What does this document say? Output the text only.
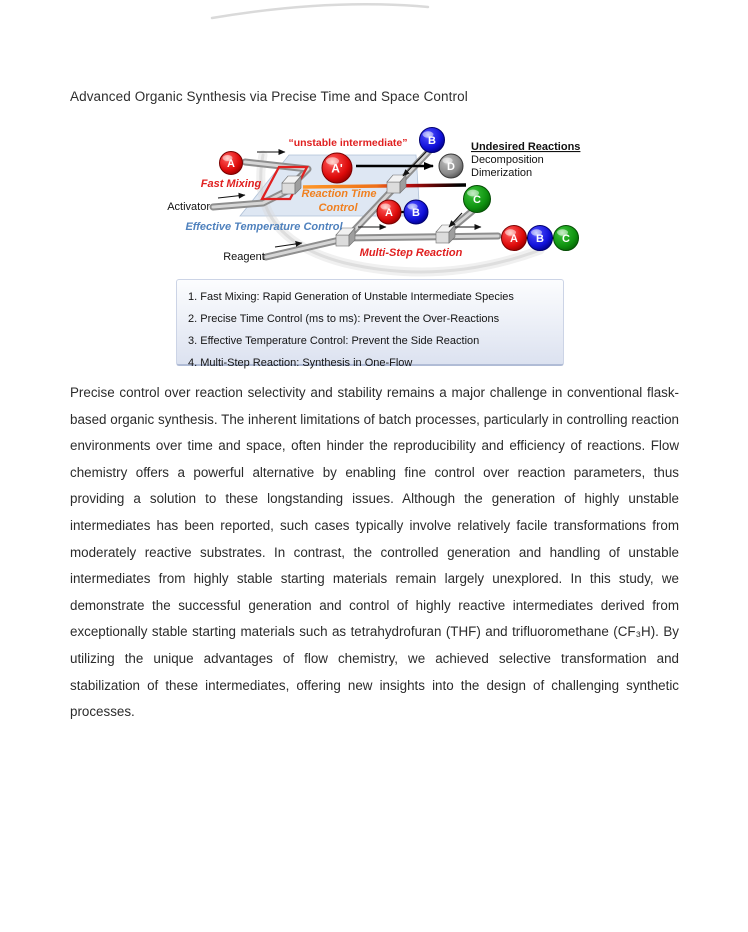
Advanced Organic Synthesis via Precise Time and Space Control
A	A'
B
D
C
A B
A B C
“unstable intermediate”
Fast Mixing
Reaction Time
Control
Effective Temperature Control
Multi-Step Reaction
Activator
Reagent
Undesired Reactions
Decomposition
Dimerization
1. Fast Mixing: Rapid Generation of Unstable Intermediate Species
2. Precise Time Control (ms to ms): Prevent the Over-Reactions
3. Effective Temperature Control: Prevent the Side Reaction
4. Multi-Step Reaction: Synthesis in One-Flow
Precise control over reaction selectivity and stability remains a major challenge in conventional flask-based organic synthesis. The inherent limitations of batch processes, particularly in controlling reaction environments over time and space, often hinder the reproducibility and efficiency of reactions. Flow chemistry offers a powerful alternative by enabling fine control over reaction parameters, thus providing a solution to these longstanding issues. Although the generation of highly unstable intermediates has been reported, such cases typically involve relatively facile transformations from moderately reactive substrates. In contrast, the controlled generation and handling of unstable intermediates from highly stable starting materials remain largely unexplored. In this study, we demonstrate the successful generation and control of highly reactive intermediates derived from exceptionally stable starting materials such as tetrahydrofuran (THF) and trifluoromethane (CF₃H). By utilizing the unique advantages of flow chemistry, we achieved selective transformation and stabilization of these intermediates, offering new insights into the design of challenging synthetic processes.
